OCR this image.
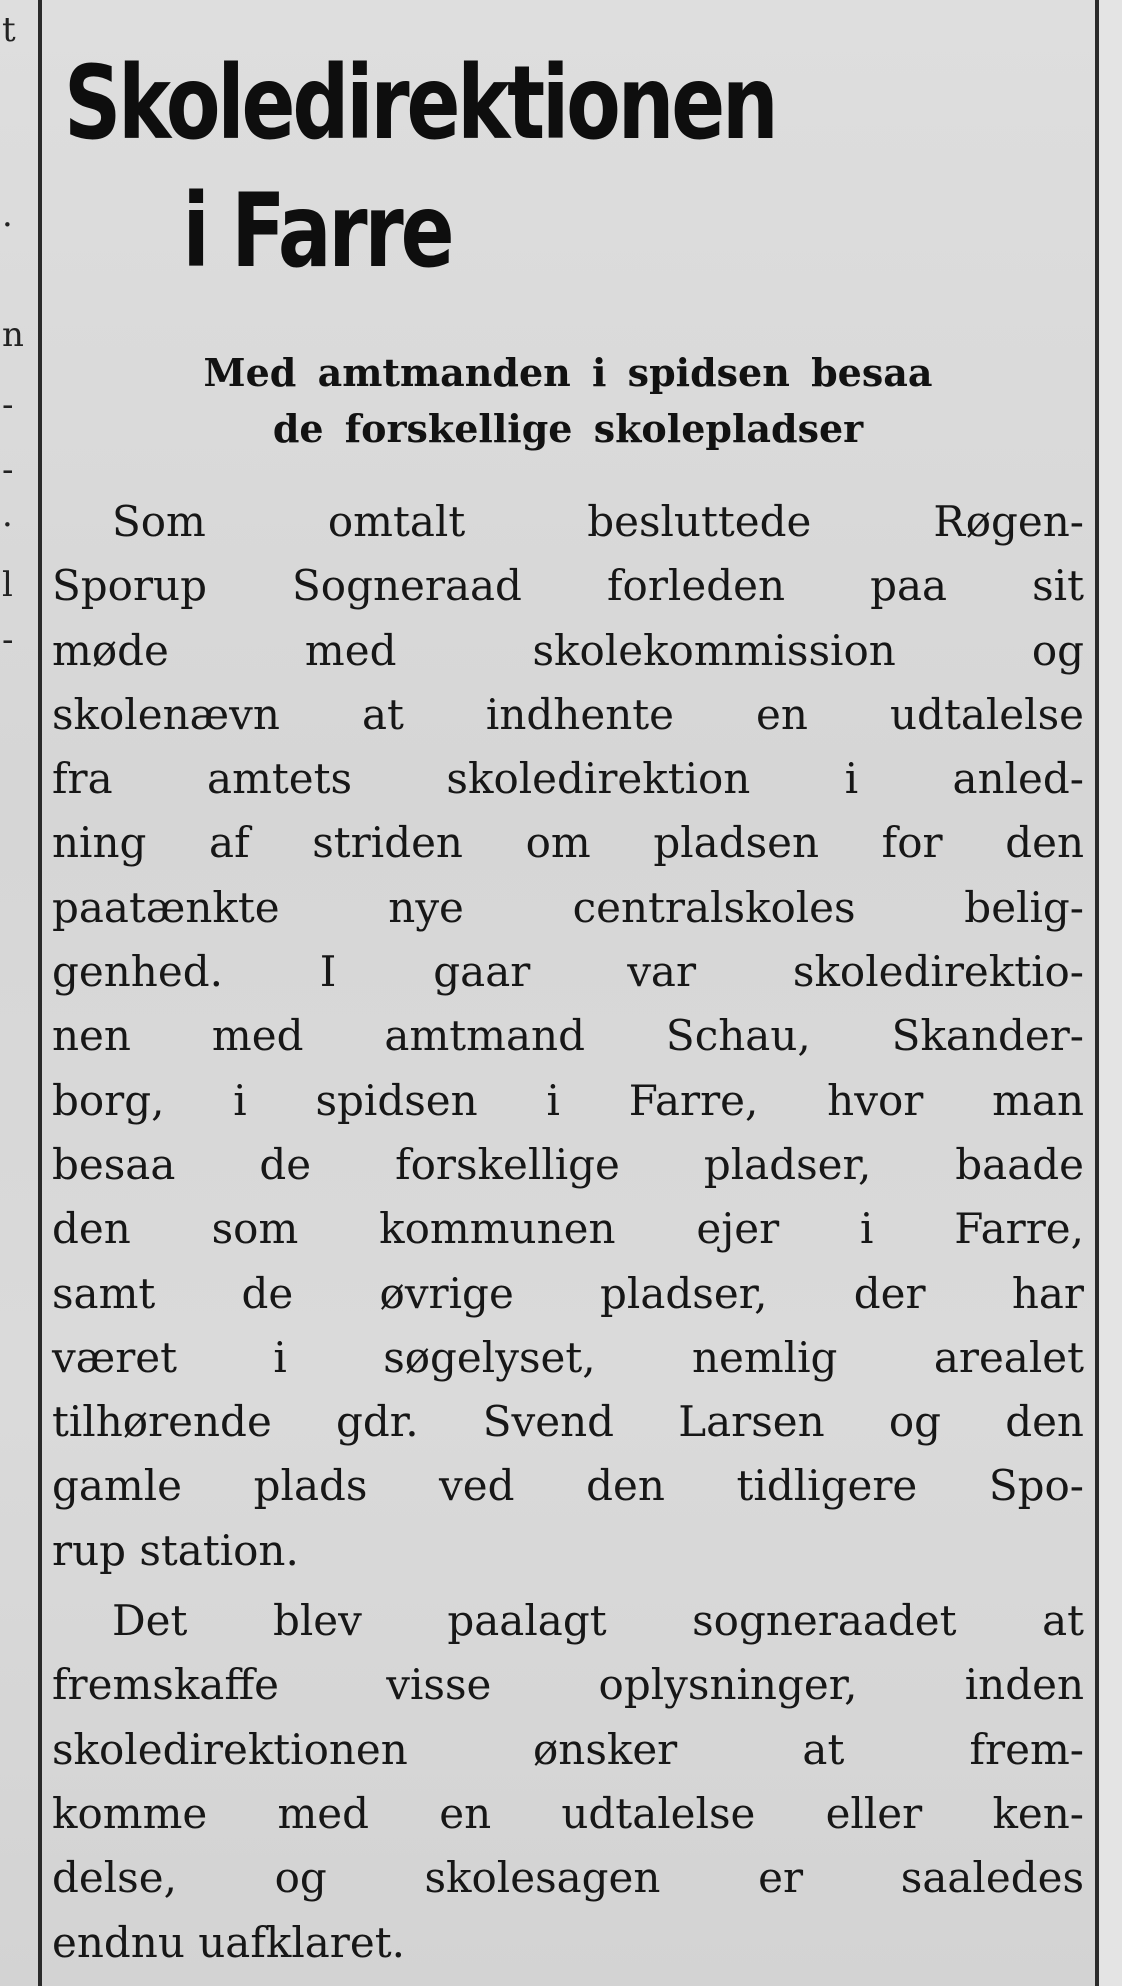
t
·
n
-
-
·
l
-
Skoledirektionen
i Farre
Med amtmanden i spidsen besaa
de forskellige skolepladser

Som omtalt besluttede Røgen-
Sporup Sogneraad forleden paa sit
møde med skolekommission og
skolenævn at indhente en udtalelse
fra amtets skoledirektion i anled-
ning af striden om pladsen for den
paatænkte nye centralskoles belig-
genhed. I gaar var skoledirektio-
nen med amtmand Schau, Skander-
borg, i spidsen i Farre, hvor man
besaa de forskellige pladser, baade
den som kommunen ejer i Farre,
samt de øvrige pladser, der har
været i søgelyset, nemlig arealet
tilhørende gdr. Svend Larsen og den
gamle plads ved den tidligere Spo-
rup station.

Det blev paalagt sogneraadet at
fremskaffe visse oplysninger, inden
skoledirektionen ønsker at frem-
komme med en udtalelse eller ken-
delse, og skolesagen er saaledes
endnu uafklaret.
